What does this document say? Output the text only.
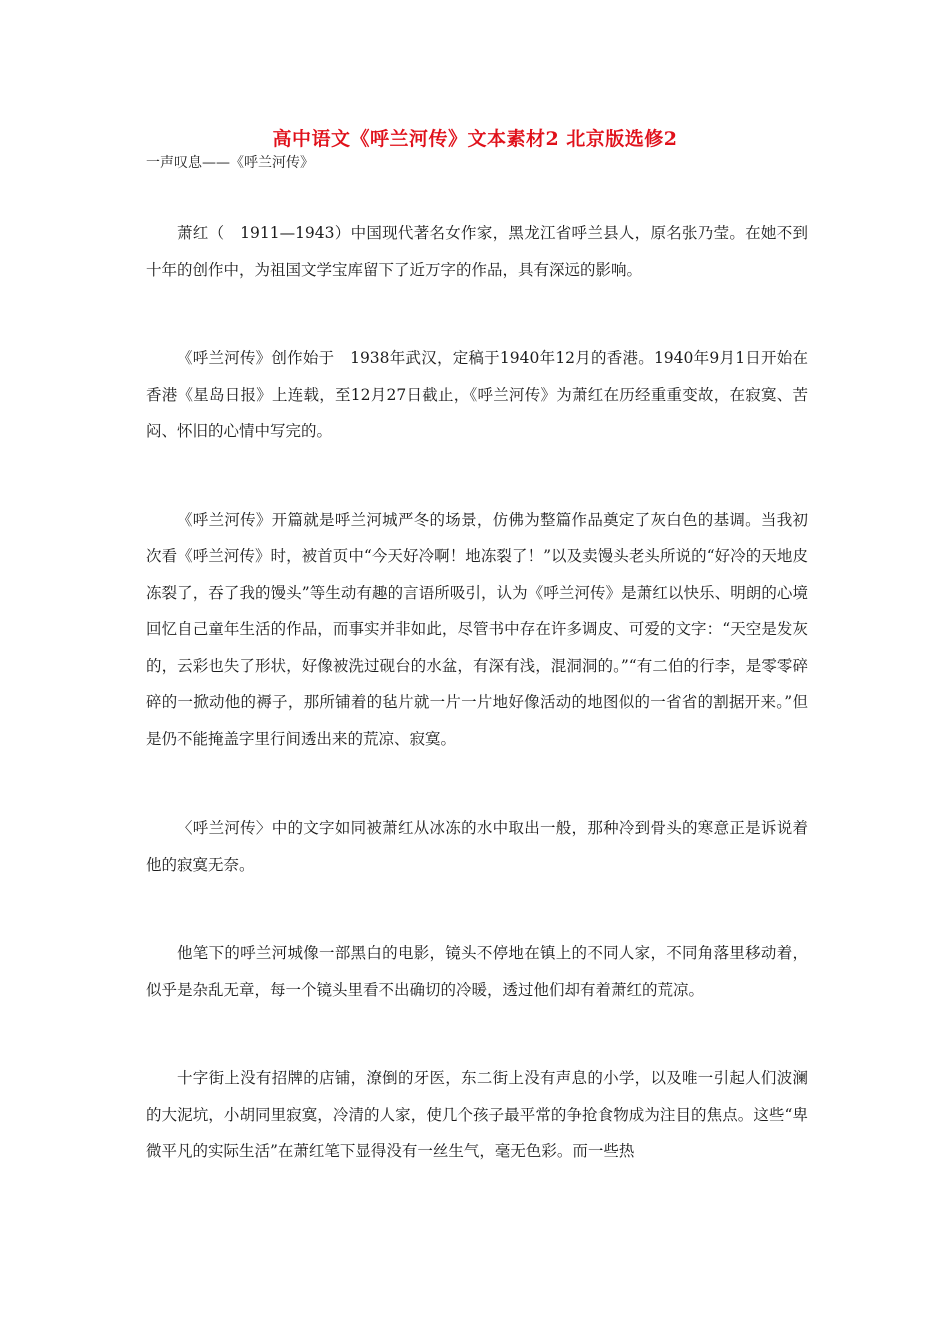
高中语文《呼兰河传》文本素材2 北京版选修2

一声叹息——《呼兰河传》

萧红（　1911—1943）中国现代著名女作家，黑龙江省呼兰县人，原名张乃莹。在她不到十年的创作中，为祖国文学宝库留下了近万字的作品，具有深远的影响。

《呼兰河传》创作始于　1938年武汉，定稿于1940年12月的香港。1940年9月1日开始在香港《星岛日报》上连载，至12月27日截止，《呼兰河传》为萧红在历经重重变故，在寂寞、苦闷、怀旧的心情中写完的。

《呼兰河传》开篇就是呼兰河城严冬的场景，仿佛为整篇作品奠定了灰白色的基调。当我初次看《呼兰河传》时，被首页中“今天好冷啊！地冻裂了！”以及卖馒头老头所说的“好冷的天地皮冻裂了，吞了我的馒头”等生动有趣的言语所吸引，认为《呼兰河传》是萧红以快乐、明朗的心境回忆自己童年生活的作品，而事实并非如此，尽管书中存在许多调皮、可爱的文字：“天空是发灰的，云彩也失了形状，好像被洗过砚台的水盆，有深有浅，混洞洞的。”“有二伯的行李，是零零碎碎的一掀动他的褥子，那所铺着的毡片就一片一片地好像活动的地图似的一省省的割据开来。”但是仍不能掩盖字里行间透出来的荒凉、寂寞。

〈呼兰河传〉中的文字如同被萧红从冰冻的水中取出一般，那种冷到骨头的寒意正是诉说着他的寂寞无奈。

他笔下的呼兰河城像一部黑白的电影，镜头不停地在镇上的不同人家，不同角落里移动着，似乎是杂乱无章，每一个镜头里看不出确切的冷暖，透过他们却有着萧红的荒凉。

十字街上没有招牌的店铺，潦倒的牙医，东二街上没有声息的小学，以及唯一引起人们波澜的大泥坑，小胡同里寂寞，冷清的人家，使几个孩子最平常的争抢食物成为注目的焦点。这些“卑微平凡的实际生活”在萧红笔下显得没有一丝生气，毫无色彩。而一些热
